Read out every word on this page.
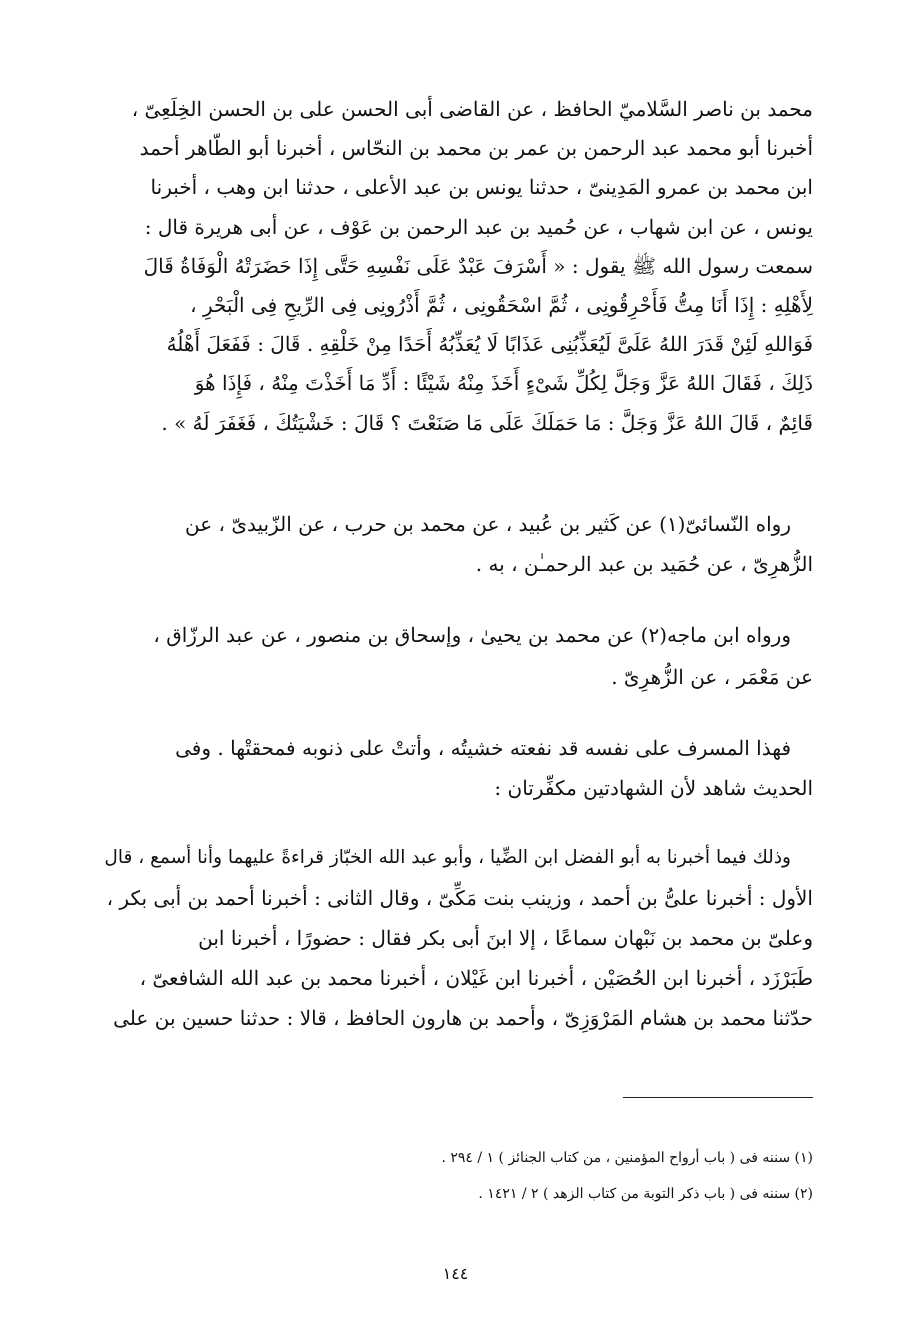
محمد بن ناصر السَّلاميّ الحافظ ، عن القاضى أبى الحسن على بن الحسن الخِلَعِىّ ،
أخبرنا أبو محمد عبد الرحمن بن عمر بن محمد بن النحّاس ، أخبرنا أبو الطّاهر أحمد
ابن محمد بن عمرو المَدِينىّ ، حدثنا يونس بن عبد الأعلى ، حدثنا ابن وهب ، أخبرنا
يونس ، عن ابن شهاب ، عن حُميد بن عبد الرحمن بن عَوْف ، عن أبى هريرة قال :
سمعت رسول الله ﷺ يقول : « أَسْرَفَ عَبْدٌ عَلَى نَفْسِهِ حَتَّى إِذَا حَضَرَتْهُ الْوَفَاةُ قَالَ
لِأَهْلِهِ : إِذَا أَنَا مِتُّ فَأَحْرِقُونِى ، ثُمَّ اسْحَقُونِى ، ثُمَّ أَذْرُونِى فِى الرِّيحِ فِى الْبَحْرِ ،
فَوَاللهِ لَئِنْ قَدَرَ اللهُ عَلَىَّ لَيُعَذِّبُنِى عَذَابًا لَا يُعَذِّبُهُ أَحَدًا مِنْ خَلْقِهِ . قَالَ : فَفَعَلَ أَهْلُهُ
ذَلِكَ ، فَقَالَ اللهُ عَزَّ وَجَلَّ لِكُلِّ شَىْءٍ أَخَذَ مِنْهُ شَيْئًا : أَدِّ مَا أَخَذْتَ مِنْهُ ، فَإِذَا هُوَ
قَائِمٌ ، قَالَ اللهُ عَزَّ وَجَلَّ : مَا حَمَلَكَ عَلَى مَا صَنَعْتَ ؟ قَالَ : خَشْيَتُكَ ، فَغَفَرَ لَهُ » .
رواه النّسائىّ(١) عن كَثير بن عُبيد ، عن محمد بن حرب ، عن الزّبيدىّ ، عن
الزُّهرِىّ ، عن حُمَيد بن عبد الرحمـٰن ، به .
ورواه ابن ماجه(٢) عن محمد بن يحيىٰ ، وإسحاق بن منصور ، عن عبد الرزّاق ،
عن مَعْمَر ، عن الزُّهرِىّ .
فهذا المسرف على نفسه قد نفعته خشيتُه ، وأتتْ على ذنوبه فمحقتْها . وفى
الحديث شاهد لأن الشهادتين مكفِّرتان :
وذلك فيما أخبرنا به أبو الفضل ابن الضِّيا ، وأبو عبد الله الخبّاز قراءةً عليهما وأنا أسمع ، قال
الأول : أخبرنا علىُّ بن أحمد ، وزينب بنت مَكِّىّ ، وقال الثانى : أخبرنا أحمد بن أبى بكر ،
وعلىّ بن محمد بن نَبْهان سماعًا ، إلا ابنَ أبى بكر فقال : حضورًا ، أخبرنا ابن
طَبَرْزَد ، أخبرنا ابن الحُصَيْن ، أخبرنا ابن غَيْلان ، أخبرنا محمد بن عبد الله الشافعىّ ،
حدّثنا محمد بن هشام المَرْوَزِىّ ، وأحمد بن هارون الحافظ ، قالا : حدثنا حسين بن على
(١) سننه فى ( باب أرواح المؤمنين ، من كتاب الجنائز ) ١ / ٢٩٤ .
(٢) سننه فى ( باب ذكر التوبة من كتاب الزهد ) ٢ / ١٤٢١ .
١٤٤
